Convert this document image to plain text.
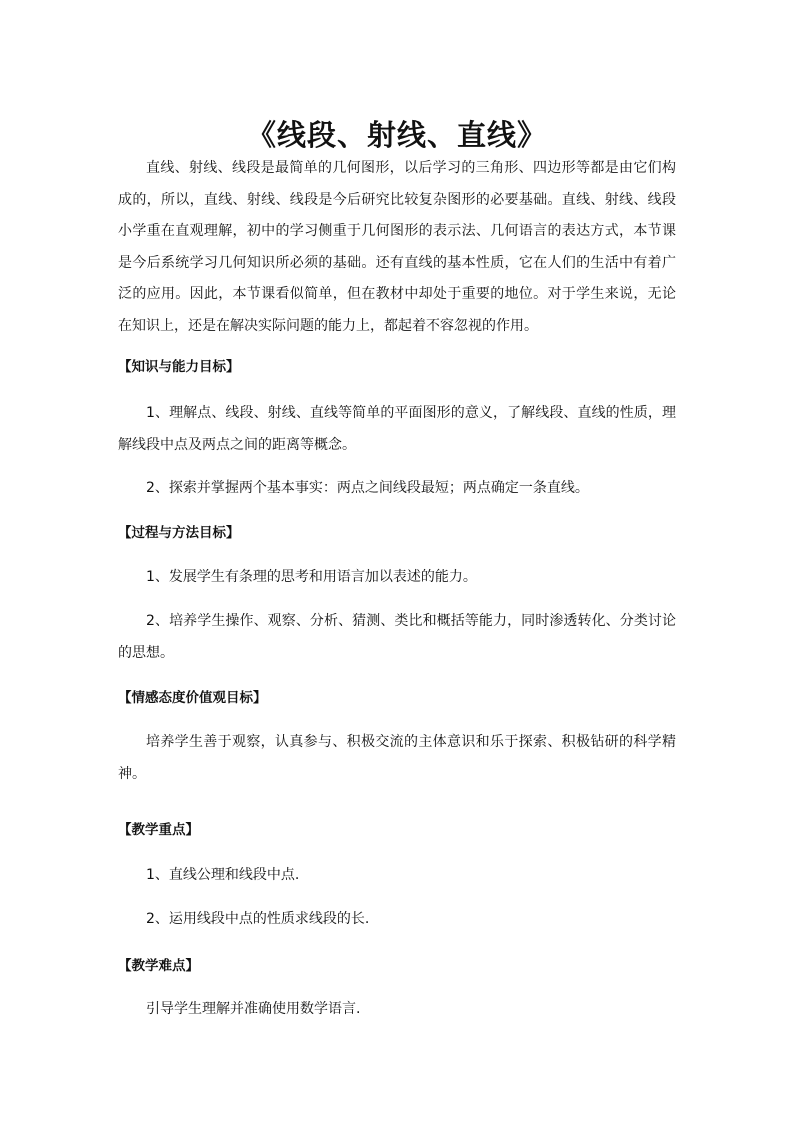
《线段、射线、直线》

直线、射线、线段是最简单的几何图形，以后学习的三角形、四边形等都是由它们构成的，所以，直线、射线、线段是今后研究比较复杂图形的必要基础。直线、射线、线段小学重在直观理解，初中的学习侧重于几何图形的表示法、几何语言的表达方式，本节课是今后系统学习几何知识所必须的基础。还有直线的基本性质，它在人们的生活中有着广泛的应用。因此，本节课看似简单，但在教材中却处于重要的地位。对于学生来说，无论在知识上，还是在解决实际问题的能力上，都起着不容忽视的作用。

【知识与能力目标】

1、理解点、线段、射线、直线等简单的平面图形的意义，了解线段、直线的性质，理解线段中点及两点之间的距离等概念。

2、探索并掌握两个基本事实：两点之间线段最短；两点确定一条直线。

【过程与方法目标】

1、发展学生有条理的思考和用语言加以表述的能力。

2、培养学生操作、观察、分析、猜测、类比和概括等能力，同时渗透转化、分类讨论的思想。

【情感态度价值观目标】

培养学生善于观察，认真参与、积极交流的主体意识和乐于探索、积极钻研的科学精神。

【教学重点】

1、直线公理和线段中点.

2、运用线段中点的性质求线段的长.

【教学难点】

引导学生理解并准确使用数学语言.
